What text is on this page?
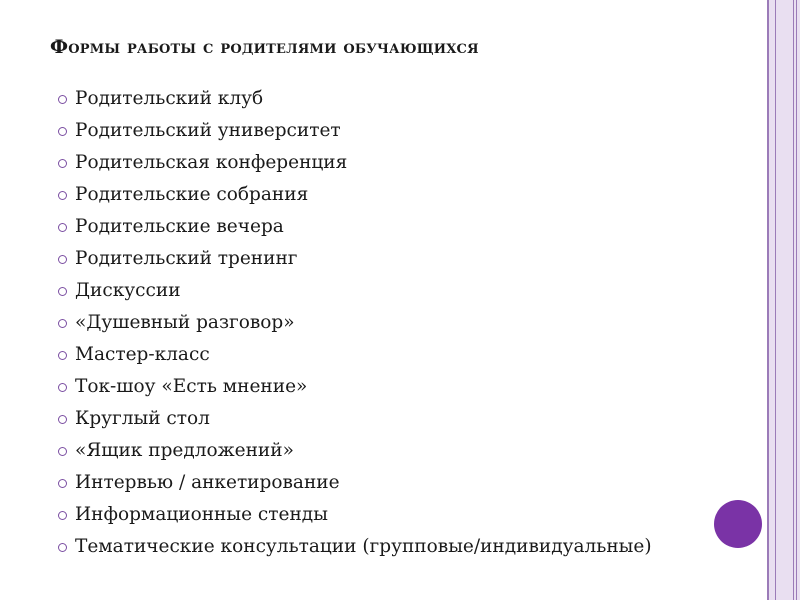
Формы работы с родителями обучающихся
Родительский клуб
Родительский университет
Родительская конференция
Родительские собрания
Родительские вечера
Родительский тренинг
Дискуссии
«Душевный разговор»
Мастер-класс
Ток-шоу «Есть мнение»
Круглый стол
«Ящик предложений»
Интервью / анкетирование
Информационные стенды
Тематические консультации (групповые/индивидуальные)
